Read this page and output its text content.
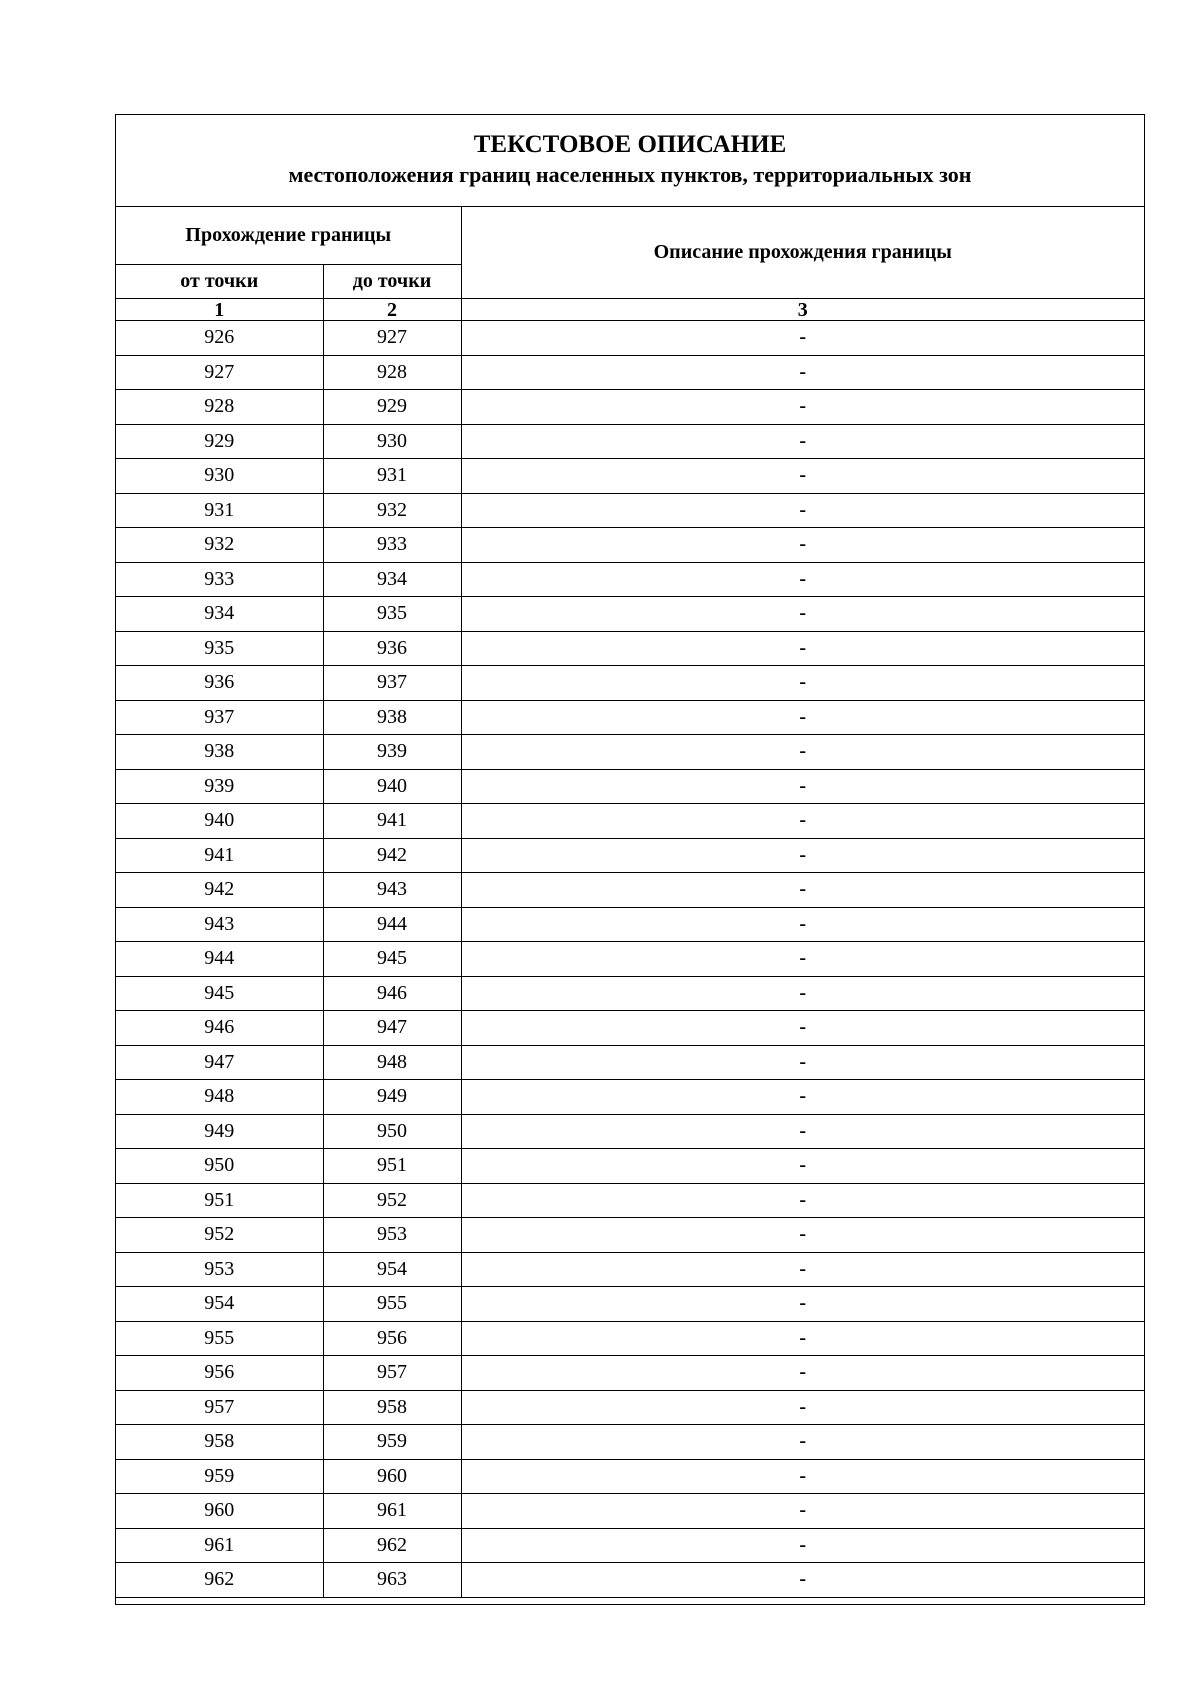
ТЕКСТОВОЕ ОПИСАНИЕ
местоположения границ населенных пунктов, территориальных зон
Прохождение границы		Описание прохождения границы
от точки	до точки	
1	2	3
926	927	-
927	928	-
928	929	-
929	930	-
930	931	-
931	932	-
932	933	-
933	934	-
934	935	-
935	936	-
936	937	-
937	938	-
938	939	-
939	940	-
940	941	-
941	942	-
942	943	-
943	944	-
944	945	-
945	946	-
946	947	-
947	948	-
948	949	-
949	950	-
950	951	-
951	952	-
952	953	-
953	954	-
954	955	-
955	956	-
956	957	-
957	958	-
958	959	-
959	960	-
960	961	-
961	962	-
962	963	-
